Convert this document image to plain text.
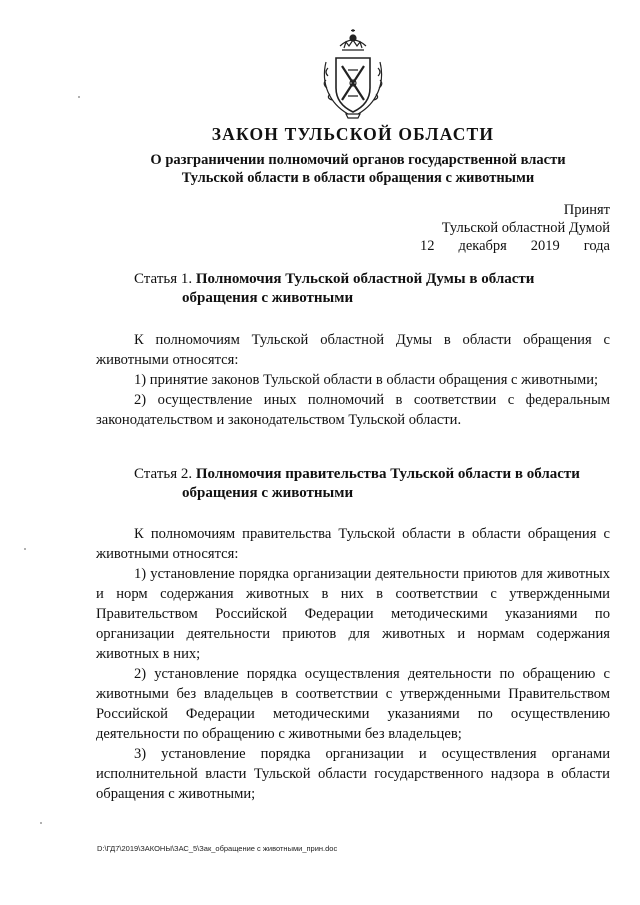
ЗАКОН ТУЛЬСКОЙ ОБЛАСТИ
О разграничении полномочий органов государственной власти
Тульской области в области обращения с животными
Принят
Тульской областной Думой
12 декабря 2019 года
Статья 1. Полномочия Тульской областной Думы в области
обращения с животными

К полномочиям Тульской областной Думы в области обращения с животными относятся:

1) принятие законов Тульской области в области обращения с животными;

2) осуществление иных полномочий в соответствии с федеральным законодательством и законодательством Тульской области.

Статья 2. Полномочия правительства Тульской области в области
обращения с животными

К полномочиям правительства Тульской области в области обращения с животными относятся:

1) установление порядка организации деятельности приютов для животных и норм содержания животных в них в соответствии с утвержденными Правительством Российской Федерации методическими указаниями по организации деятельности приютов для животных и нормам содержания животных в них;

2) установление порядка осуществления деятельности по обращению с животными без владельцев в соответствии с утвержденными Правительством Российской Федерации методическими указаниями по осуществлению деятельности по обращению с животными без владельцев;

3) установление порядка организации и осуществления органами исполнительной власти Тульской области государственного надзора в области обращения с животными;

D:\ГД7\2019\ЗАКОНЫ\ЗАС_5\Зак_обращение с животными_прин.doc
